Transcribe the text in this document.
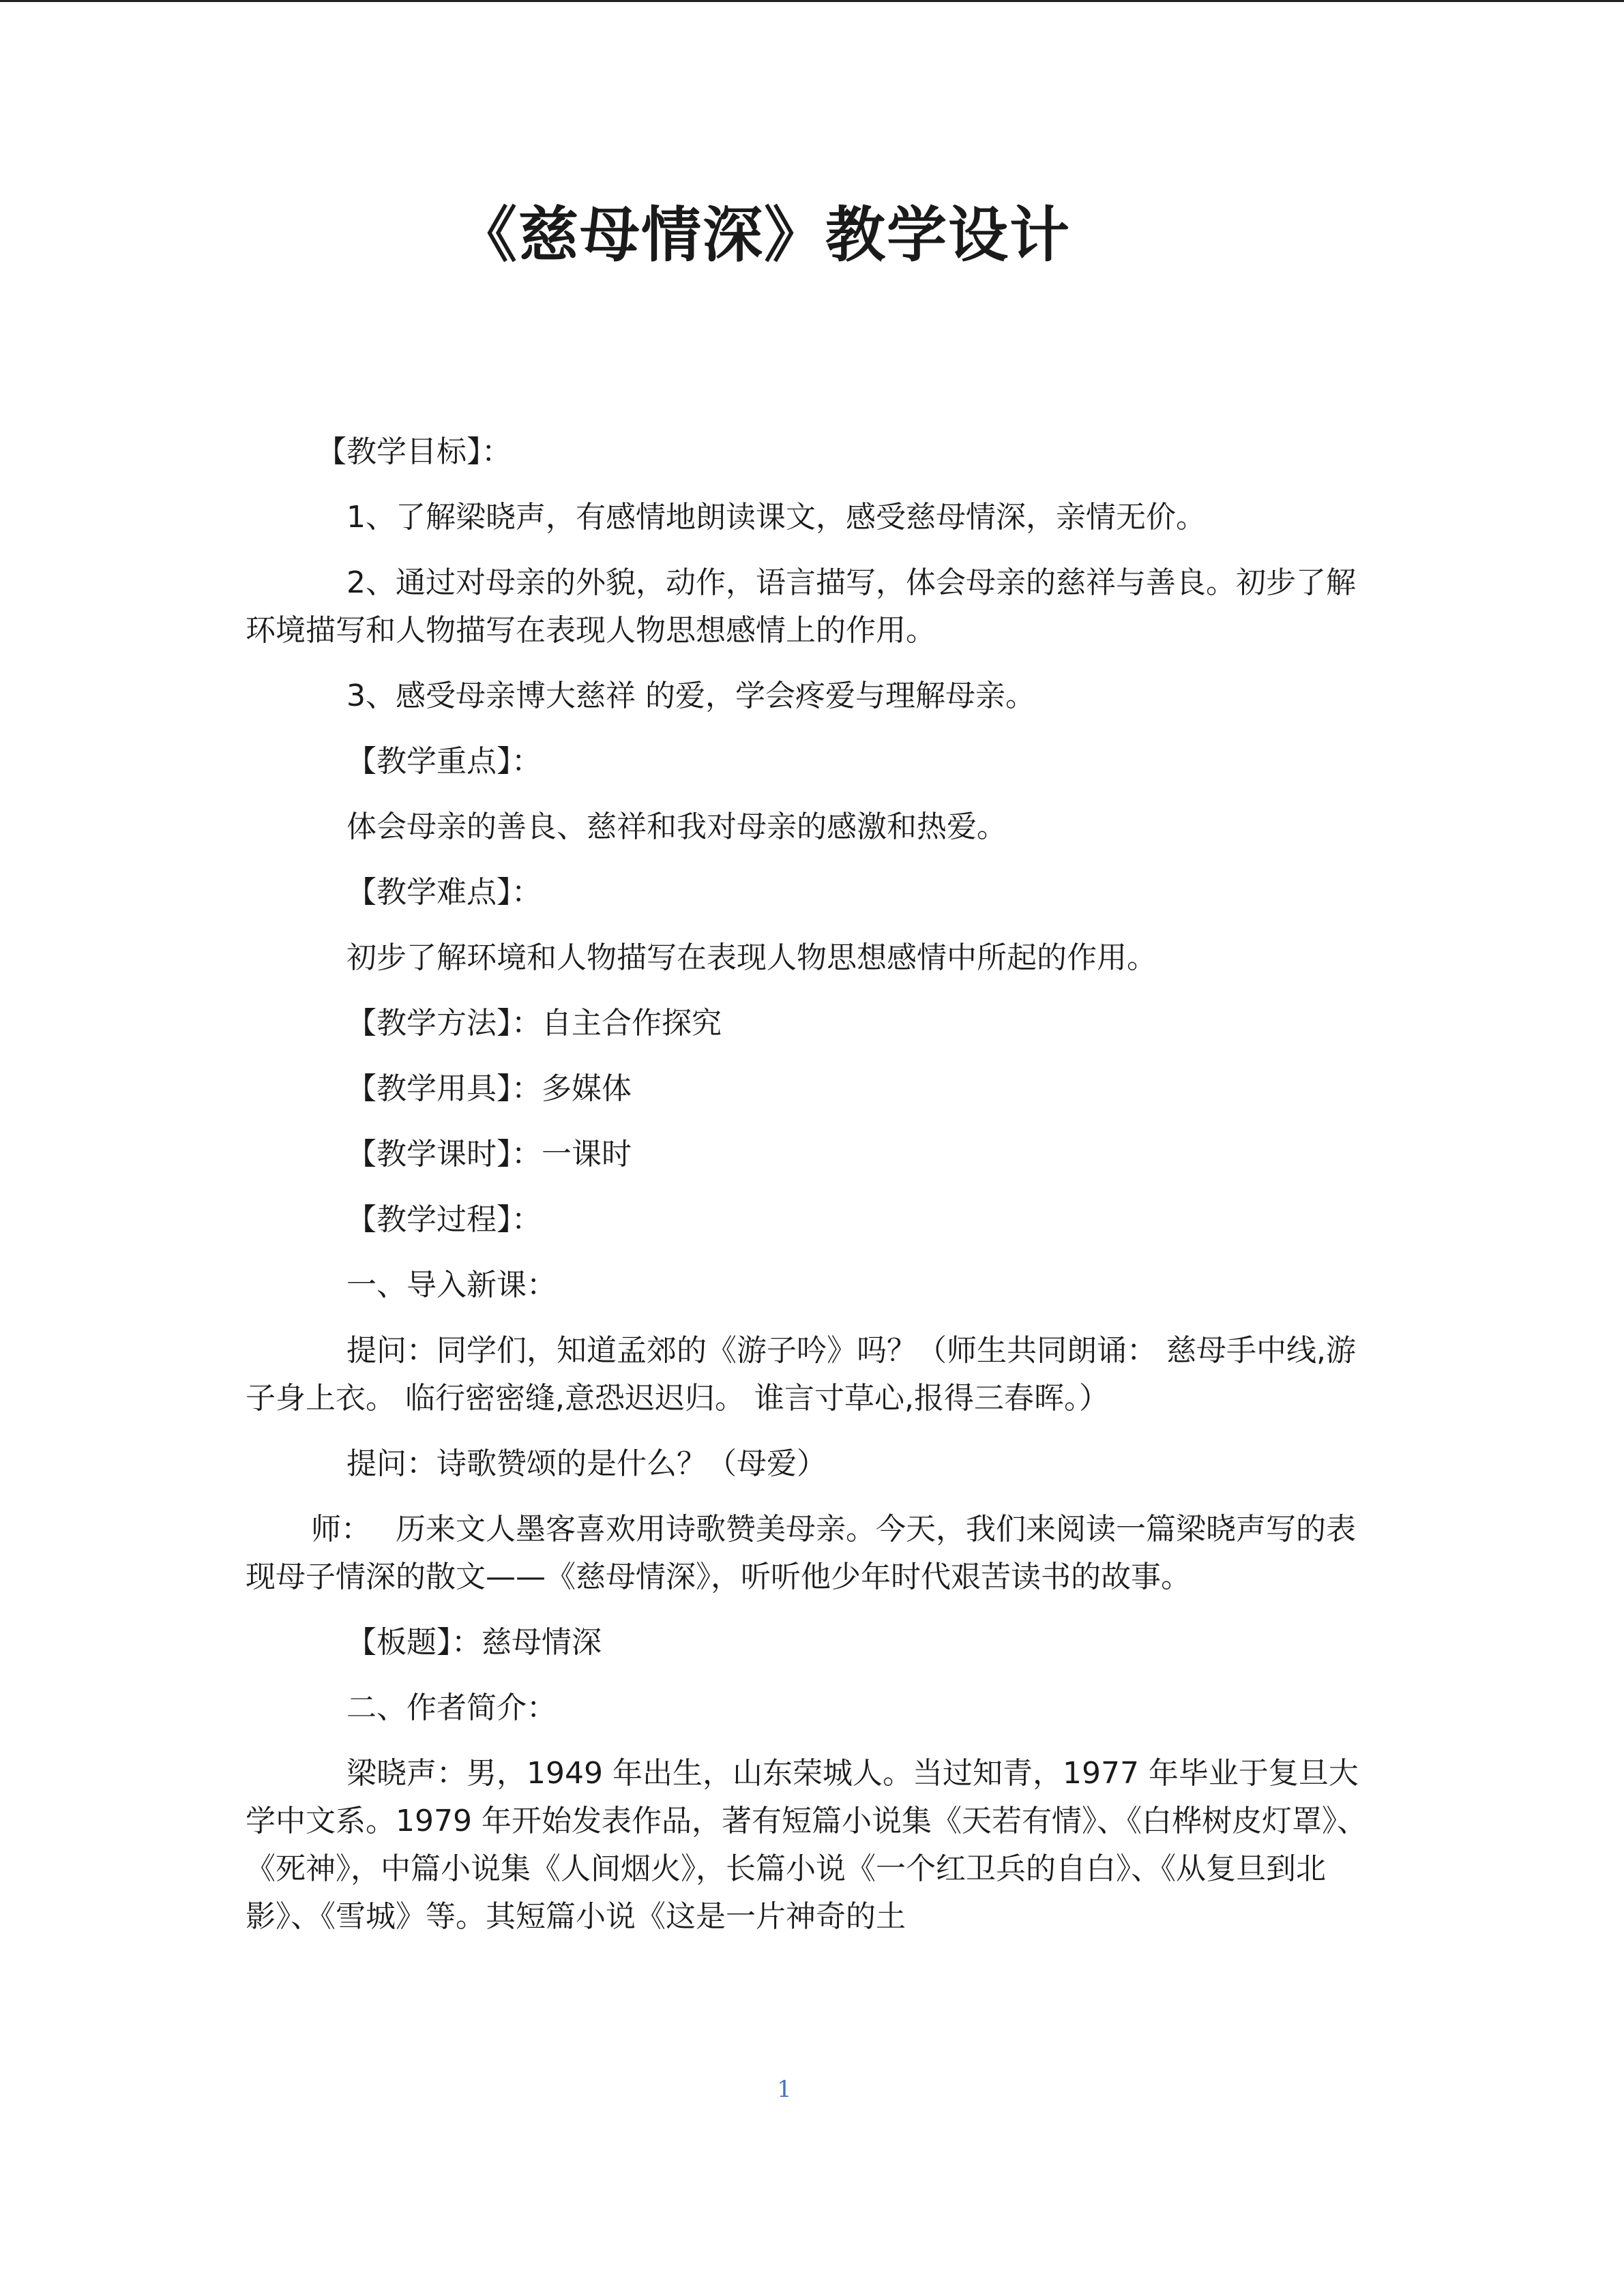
《慈母情深》教学设计

【教学目标】：

1、了解梁晓声，有感情地朗读课文，感受慈母情深，亲情无价。

2、通过对母亲的外貌，动作，语言描写，体会母亲的慈祥与善良。初步了解环境描写和人物描写在表现人物思想感情上的作用。

3、感受母亲博大慈祥 的爱，学会疼爱与理解母亲。

【教学重点】：

体会母亲的善良、慈祥和我对母亲的感激和热爱。

【教学难点】：

初步了解环境和人物描写在表现人物思想感情中所起的作用。

【教学方法】：自主合作探究

【教学用具】：多媒体

【教学课时】：一课时

【教学过程】：

一、导入新课：

提问：同学们，知道孟郊的《游子吟》吗？（师生共同朗诵： 慈母手中线,游子身上衣。 临行密密缝,意恐迟迟归。 谁言寸草心,报得三春晖。）

提问：诗歌赞颂的是什么？（母爱）

师：　 历来文人墨客喜欢用诗歌赞美母亲。今天，我们来阅读一篇梁晓声写的表现母子情深的散文——《慈母情深》，听听他少年时代艰苦读书的故事。

【板题】：慈母情深

二、作者简介：

梁晓声：男，1949 年出生，山东荣城人。当过知青，1977 年毕业于复旦大学中文系。1979 年开始发表作品，著有短篇小说集《天若有情》、《白桦树皮灯罩》、《死神》，中篇小说集《人间烟火》，长篇小说《一个红卫兵的自白》、《从复旦到北影》、《雪城》等。其短篇小说《这是一片神奇的土

1
